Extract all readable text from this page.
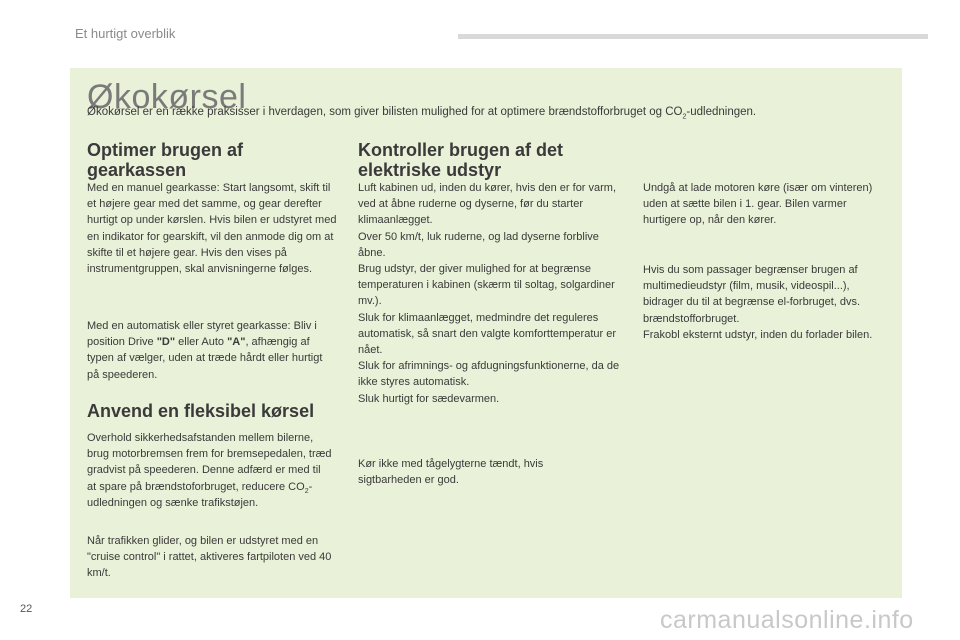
Et hurtigt overblik
Økokørsel
Økokørsel er en række praksisser i hverdagen, som giver bilisten mulighed for at optimere brændstofforbruget og $CO_2$-udledningen.
Optimer brugen af
gearkassen
Med en manuel gearkasse: Start langsomt, skift til et højere gear med det samme, og gear derefter hurtigt op under kørslen. Hvis bilen er udstyret med en indikator for gearskift, vil den anmode dig om at skifte til et højere gear. Hvis den vises på instrumentgruppen, skal anvisningerne følges.
Med en automatisk eller styret gearkasse: Bliv i position Drive "D" eller Auto "A", afhængig af typen af vælger, uden at træde hårdt eller hurtigt på speederen.
Anvend en fleksibel kørsel
Overhold sikkerhedsafstanden mellem bilerne, brug motorbremsen frem for bremsepedalen, træd gradvist på speederen. Denne adfærd er med til at spare på brændstoforbruget, reducere $CO_2$-udledningen og sænke trafikstøjen.
Når trafikken glider, og bilen er udstyret med en "cruise control" i rattet, aktiveres fartpiloten ved 40 km/t.
Kontroller brugen af det
elektriske udstyr
Luft kabinen ud, inden du kører, hvis den er for varm, ved at åbne ruderne og dyserne, før du starter klimaanlægget.
Over 50 km/t, luk ruderne, og lad dyserne forblive åbne.
Brug udstyr, der giver mulighed for at begrænse temperaturen i kabinen (skærm til soltag, solgardiner mv.).
Sluk for klimaanlægget, medmindre det reguleres automatisk, så snart den valgte komforttemperatur er nået.
Sluk for afrimnings- og afdugningsfunktionerne, da de ikke styres automatisk.
Sluk hurtigt for sædevarmen.
Kør ikke med tågelygterne tændt, hvis sigtbarheden er god.
Undgå at lade motoren køre (især om vinteren) uden at sætte bilen i 1. gear. Bilen varmer hurtigere op, når den kører.
Hvis du som passager begrænser brugen af multimedieudstyr (film, musik, videospil...), bidrager du til at begrænse el-forbruget, dvs. brændstofforbruget.
Frakobl eksternt udstyr, inden du forlader bilen.
22	carmanualsonline.info
